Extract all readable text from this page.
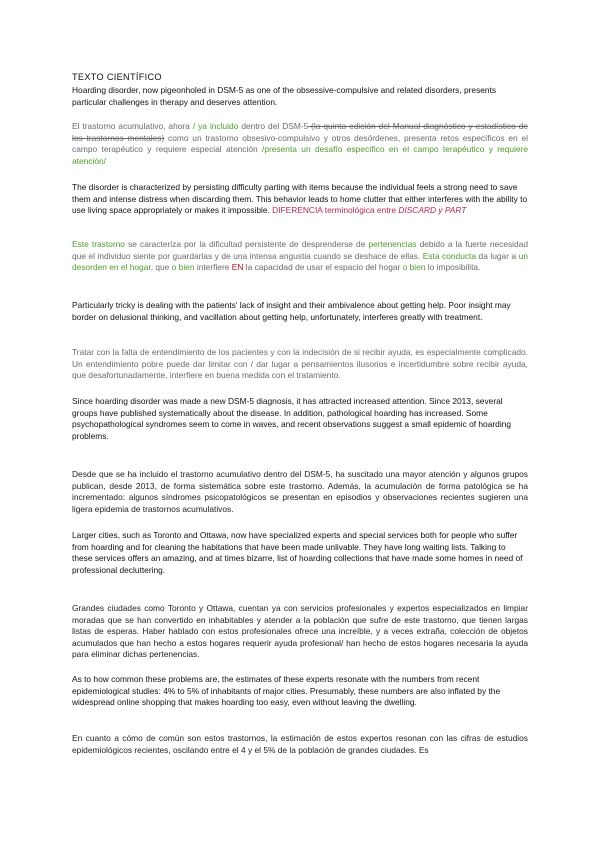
TEXTO CIENTÍFICO

Hoarding disorder, now pigeonholed in DSM-5 as one of the obsessive-compulsive and related disorders, presents particular challenges in therapy and deserves attention.

El trastorno acumulativo, ahora / ya incluido dentro del DSM-5-(la quinta edición del Manual diagnóstico y estadístico de los trastornos mentales) como un trastorno obsesivo-compulsivo y otros desórdenes, presenta retos específicos en el campo terapéutico y requiere especial atención /presenta un desafío específico en el campo terapéutico y requiere atención/

The disorder is characterized by persisting difficulty parting with items because the individual feels a strong need to save them and intense distress when discarding them. This behavior leads to home clutter that either interferes with the ability to use living space appropriately or makes it impossible. DIFERENCIA terminológica entre DISCARD y PART

Este trastorno se caracteriza por la dificultad persistente de desprenderse de pertenencias debido a la fuerte necesidad que el individuo siente por guardarlas y de una intensa angustia cuando se deshace de ellas. Esta conducta da lugar a un desorden en el hogar, que o bien interfiere EN la capacidad de usar el espacio del hogar o bien lo imposibilita.

Particularly tricky is dealing with the patients' lack of insight and their ambivalence about getting help. Poor insight may border on delusional thinking, and vacillation about getting help, unfortunately, interferes greatly with treatment.

Tratar con la falta de entendimiento de los pacientes y con la indecisión de si recibir ayuda, es especialmente complicado. Un entendimiento pobre puede dar limitar con / dar lugar a pensamientos ilusorios e incertidumbre sobre recibir ayuda, que desafortunadamente, interfiere en buena medida con el tratamiento.

Since hoarding disorder was made a new DSM-5 diagnosis, it has attracted increased attention. Since 2013, several groups have published systematically about the disease. In addition, pathological hoarding has increased. Some psychopathological syndromes seem to come in waves, and recent observations suggest a small epidemic of hoarding problems.

Desde que se ha incluido el trastorno acumulativo dentro del DSM-5, ha suscitado una mayor atención y algunos grupos publican, desde 2013, de forma sistemática sobre este trastorno. Además, la acumulación de forma patológica se ha incrementado: algunos síndromes psicopatológicos se presentan en episodios y observaciones recientes sugieren una ligera epidemia de trastornos acumulativos.

Larger cities, such as Toronto and Ottawa, now have specialized experts and special services both for people who suffer from hoarding and for cleaning the habitations that have been made unlivable. They have long waiting lists. Talking to these services offers an amazing, and at times bizarre, list of hoarding collections that have made some homes in need of professional decluttering.

Grandes ciudades como Toronto y Ottawa, cuentan ya con servicios profesionales y expertos especializados en limpiar moradas que se han convertido en inhabitables y atender a la población que sufre de este trastorno, que tienen largas listas de esperas. Haber hablado con estos profesionales ofrece una increíble, y a veces extraña, colección de objetos acumulados que han hecho a estos hogares requerir ayuda profesional/ han hecho de estos hogares necesaria la ayuda para eliminar dichas pertenencias.

As to how common these problems are, the estimates of these experts resonate with the numbers from recent epidemiological studies: 4% to 5% of inhabitants of major cities. Presumably, these numbers are also inflated by the widespread online shopping that makes hoarding too easy, even without leaving the dwelling.

En cuanto a cómo de común son estos trastornos, la estimación de estos expertos resonan con las cifras de estudios epidemiológicos recientes, oscilando entre el 4 y el 5% de la población de grandes ciudades. Es
